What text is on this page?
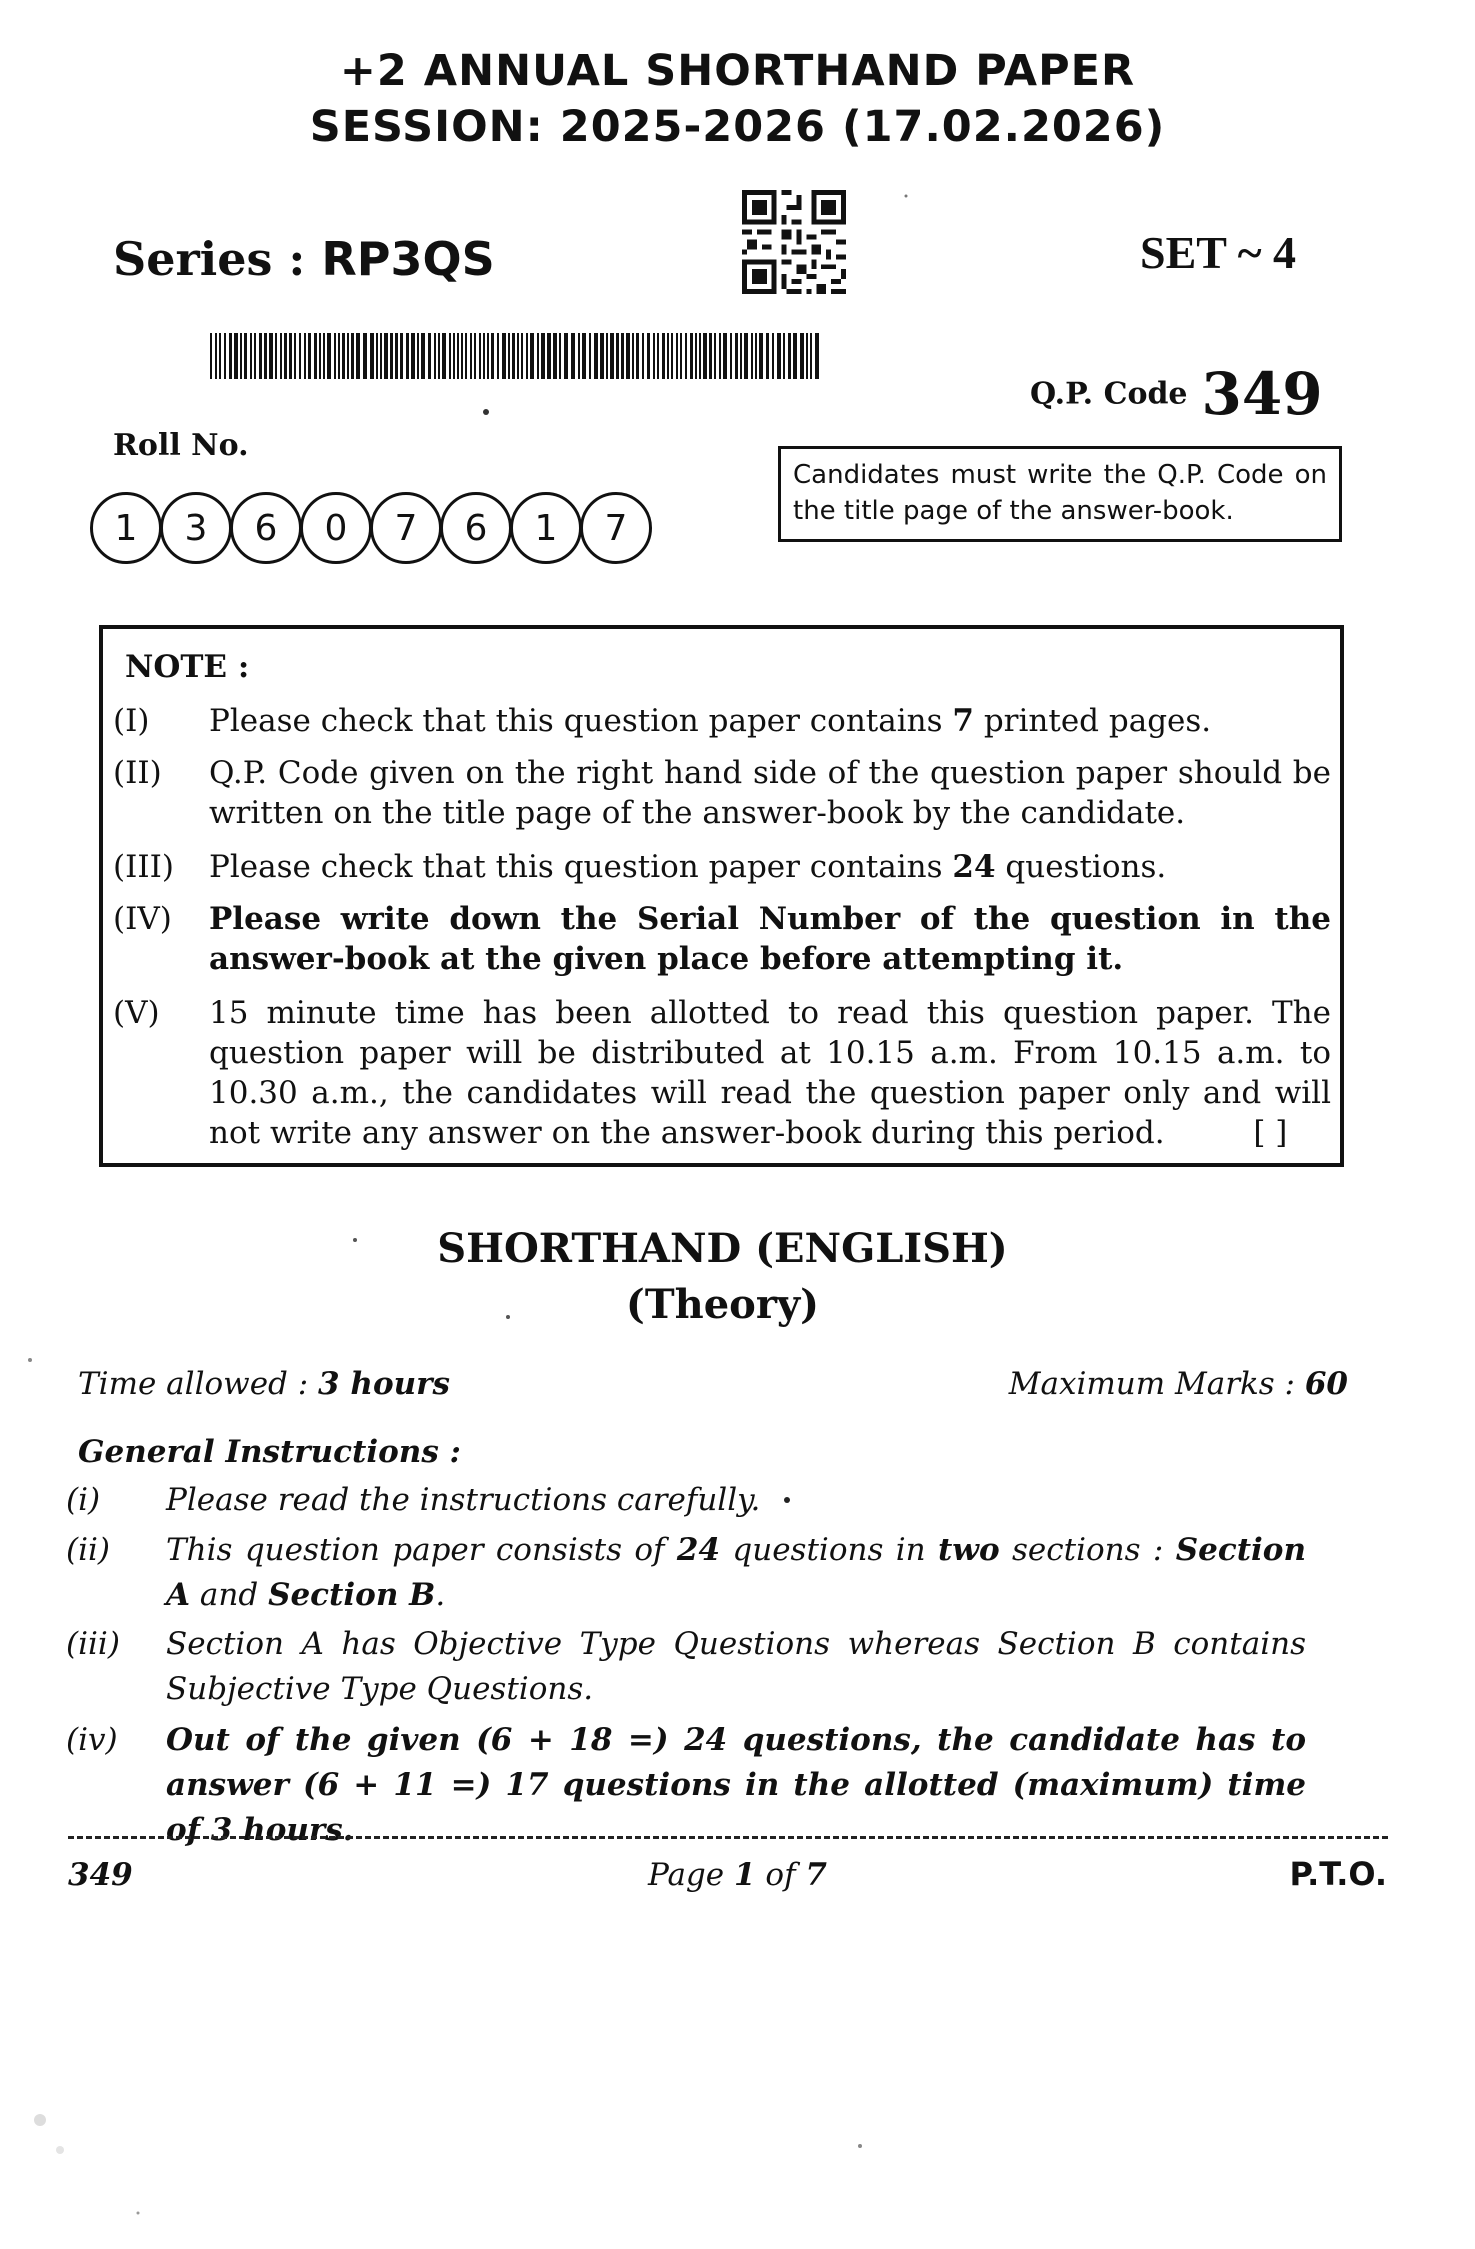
+2 ANNUAL SHORTHAND PAPER
SESSION: 2025-2026 (17.02.2026)
Series : RP3QS	SET ~ 4
Q.P. Code 349
Roll No.
1	3	6	0	7	6	1	7
Candidates must write the Q.P. Code on the title page of the answer-book.
NOTE :
(I) Please check that this question paper contains 7 printed pages.
(II) Q.P. Code given on the right hand side of the question paper should be written on the title page of the answer-book by the candidate.
(III) Please check that this question paper contains 24 questions.
(IV) Please write down the Serial Number of the question in the answer-book at the given place before attempting it.
(V) 15 minute time has been allotted to read this question paper. The question paper will be distributed at 10.15 a.m. From 10.15 a.m. to 10.30 a.m., the candidates will read the question paper only and will not write any answer on the answer-book during this period.	[ ]
SHORTHAND (ENGLISH)
(Theory)
Time allowed : 3 hours	Maximum Marks : 60
General Instructions :
(i) Please read the instructions carefully.
(ii) This question paper consists of 24 questions in two sections : Section A and Section B.
(iii) Section A has Objective Type Questions whereas Section B contains Subjective Type Questions.
(iv) Out of the given (6 + 18 =) 24 questions, the candidate has to answer (6 + 11 =) 17 questions in the allotted (maximum) time of 3 hours.
349	Page 1 of 7	P.T.O.
